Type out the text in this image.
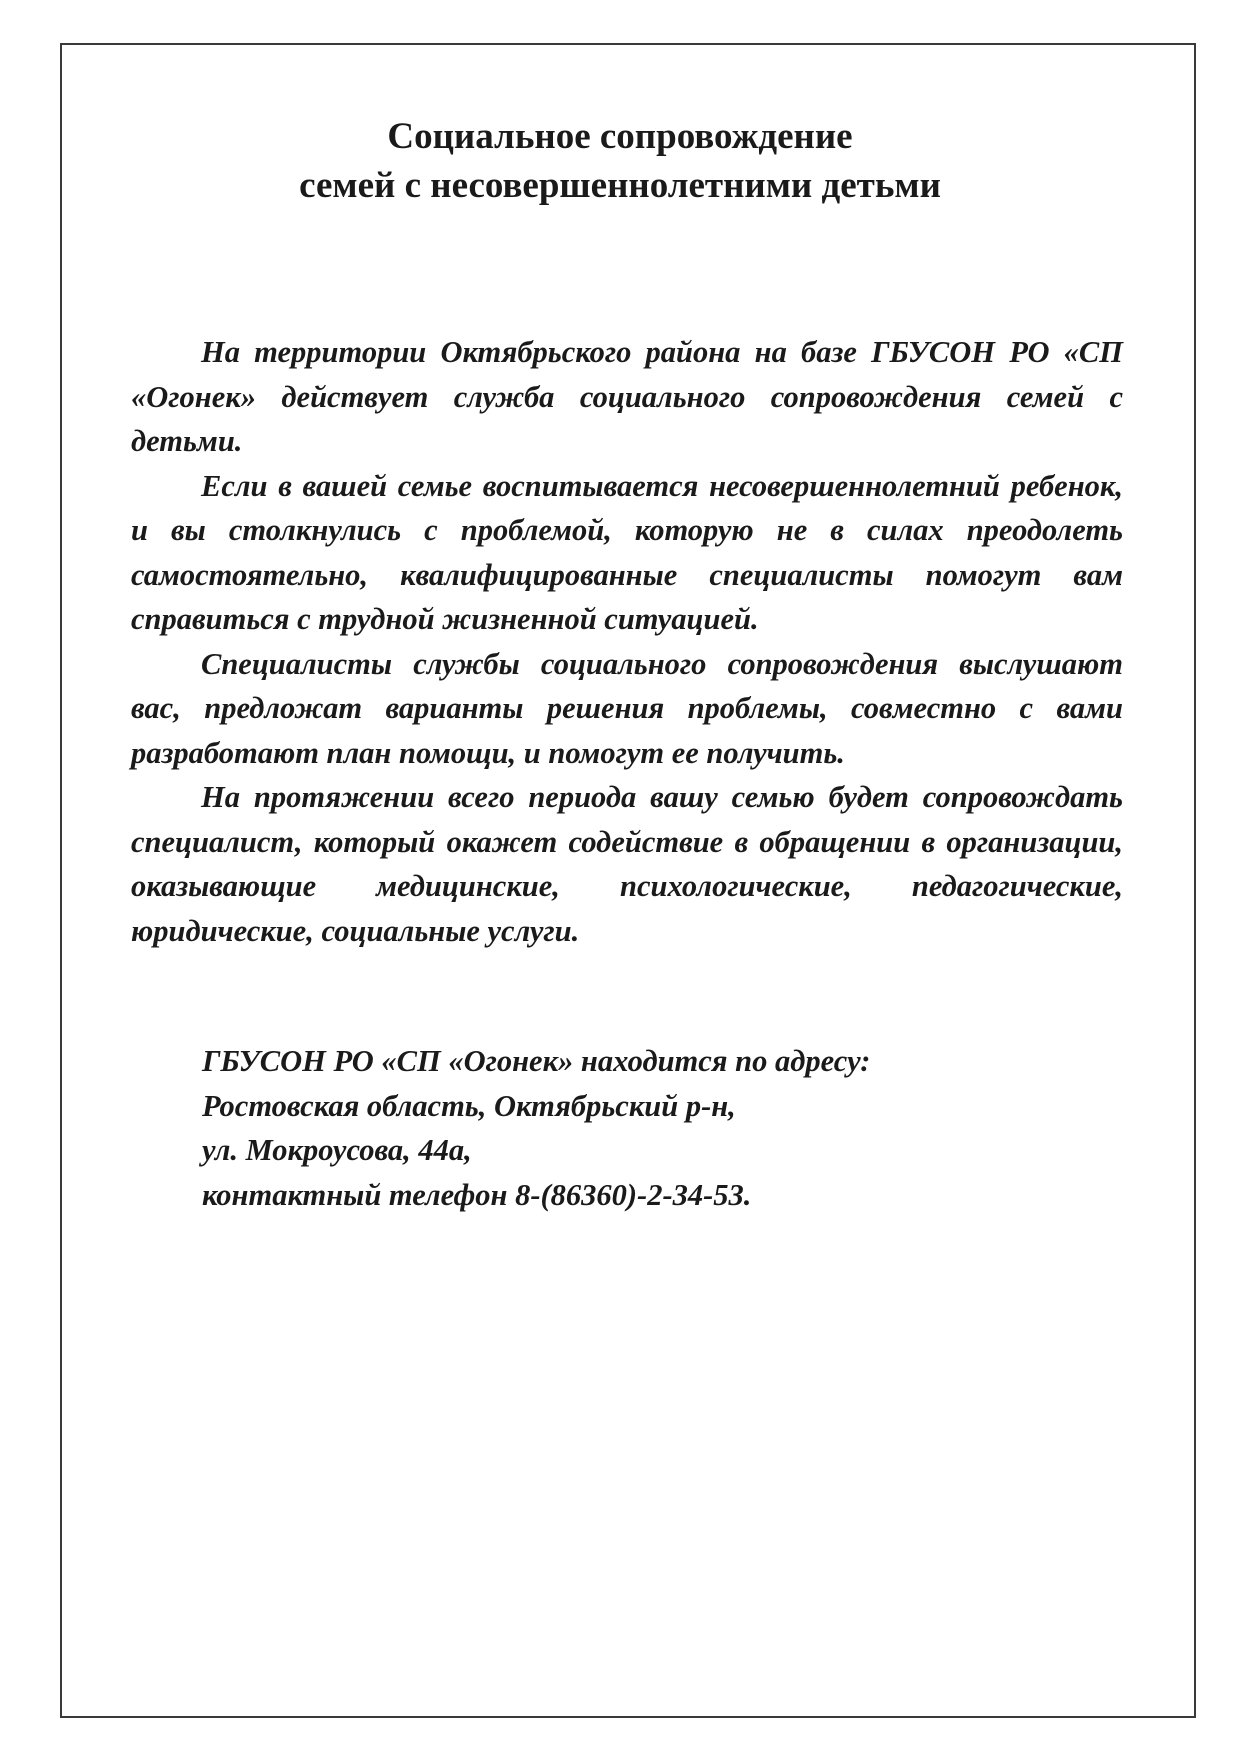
Социальное сопровождение
семей с несовершеннолетними детьми

На территории Октябрьского района на базе ГБУСОН РО «СП «Огонек» действует служба социального сопровождения семей с детьми.

Если в вашей семье воспитывается несовершеннолетний ребенок, и вы столкнулись с проблемой, которую не в силах преодолеть самостоятельно, квалифицированные специалисты помогут вам справиться с трудной жизненной ситуацией.

Специалисты службы социального сопровождения выслушают вас, предложат варианты решения проблемы, совместно с вами разработают план помощи, и помогут ее получить.

На протяжении всего периода вашу семью будет сопровождать специалист, который окажет содействие в обращении в организации, оказывающие медицинские, психологические, педагогические, юридические, социальные услуги.

ГБУСОН РО «СП «Огонек» находится по адресу:
Ростовская область, Октябрьский р-н,
ул. Мокроусова, 44а,
контактный телефон 8-(86360)-2-34-53.
